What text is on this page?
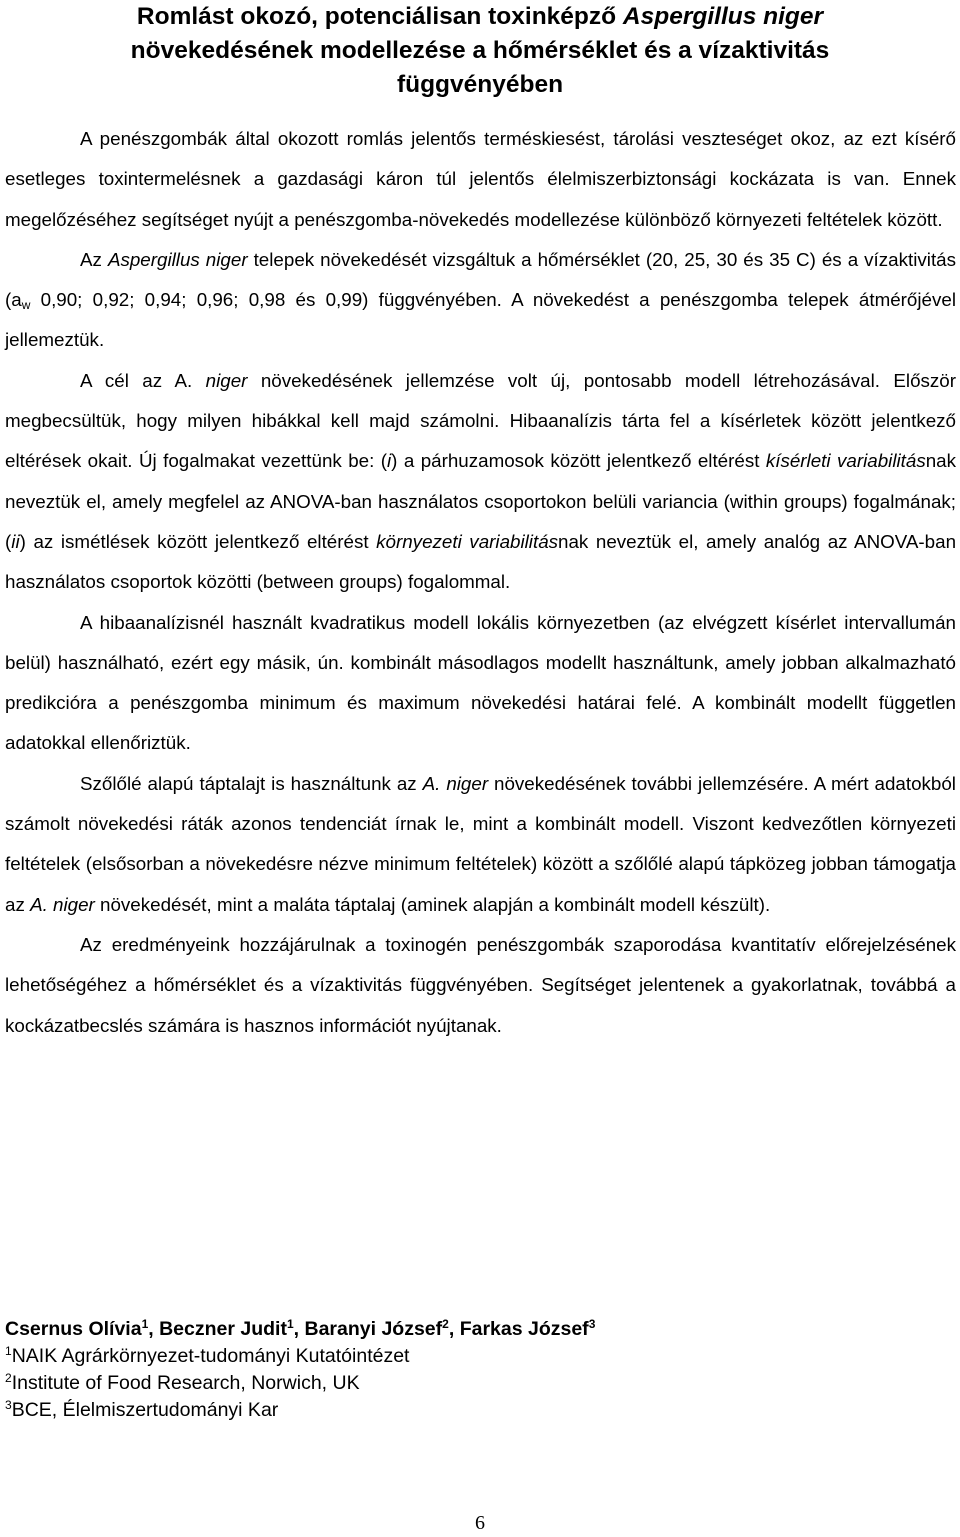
Romlást okozó, potenciálisan toxinképző Aspergillus niger
növekedésének modellezése a hőmérséklet és a vízaktivitás
függvényében

A penészgombák által okozott romlás jelentős terméskiesést, tárolási veszteséget okoz, az ezt kísérő esetleges toxintermelésnek a gazdasági káron túl jelentős élelmiszerbiztonsági kockázata is van. Ennek megelőzéséhez segítséget nyújt a penészgomba-növekedés modellezése különböző környezeti feltételek között.

Az Aspergillus niger telepek növekedését vizsgáltuk a hőmérséklet (20, 25, 30 és 35 C) és a vízaktivitás ($a_w$ 0,90; 0,92; 0,94; 0,96; 0,98 és 0,99) függvényében. A növekedést a penészgomba telepek átmérőjével jellemeztük.

A cél az A. niger növekedésének jellemzése volt új, pontosabb modell létrehozásával. Először megbecsültük, hogy milyen hibákkal kell majd számolni. Hibaanalízis tárta fel a kísérletek között jelentkező eltérések okait. Új fogalmakat vezettünk be: (i) a párhuzamosok között jelentkező eltérést kísérleti variabilitásnak neveztük el, amely megfelel az ANOVA-ban használatos csoportokon belüli variancia (within groups) fogalmának; (ii) az ismétlések között jelentkező eltérést környezeti variabilitásnak neveztük el, amely analóg az ANOVA-ban használatos csoportok közötti (between groups) fogalommal.

A hibaanalízisnél használt kvadratikus modell lokális környezetben (az elvégzett kísérlet intervallumán belül) használható, ezért egy másik, ún. kombinált másodlagos modellt használtunk, amely jobban alkalmazható predikcióra a penészgomba minimum és maximum növekedési határai felé. A kombinált modellt független adatokkal ellenőriztük.

Szőlőlé alapú táptalajt is használtunk az A. niger növekedésének további jellemzésére. A mért adatokból számolt növekedési ráták azonos tendenciát írnak le, mint a kombinált modell. Viszont kedvezőtlen környezeti feltételek (elsősorban a növekedésre nézve minimum feltételek) között a szőlőlé alapú tápközeg jobban támogatja az A. niger növekedését, mint a maláta táptalaj (aminek alapján a kombinált modell készült).

Az eredményeink hozzájárulnak a toxinogén penészgombák szaporodása kvantitatív előrejelzésének lehetőségéhez a hőmérséklet és a vízaktivitás függvényében. Segítséget jelentenek a gyakorlatnak, továbbá a kockázatbecslés számára is hasznos információt nyújtanak.

Csernus Olívia$^1$, Beczner Judit$^1$, Baranyi József$^2$, Farkas József$^3$

$^1$NAIK Agrárkörnyezet-tudományi Kutatóintézet

$^2$Institute of Food Research, Norwich, UK

$^3$BCE, Élelmiszertudományi Kar

6
